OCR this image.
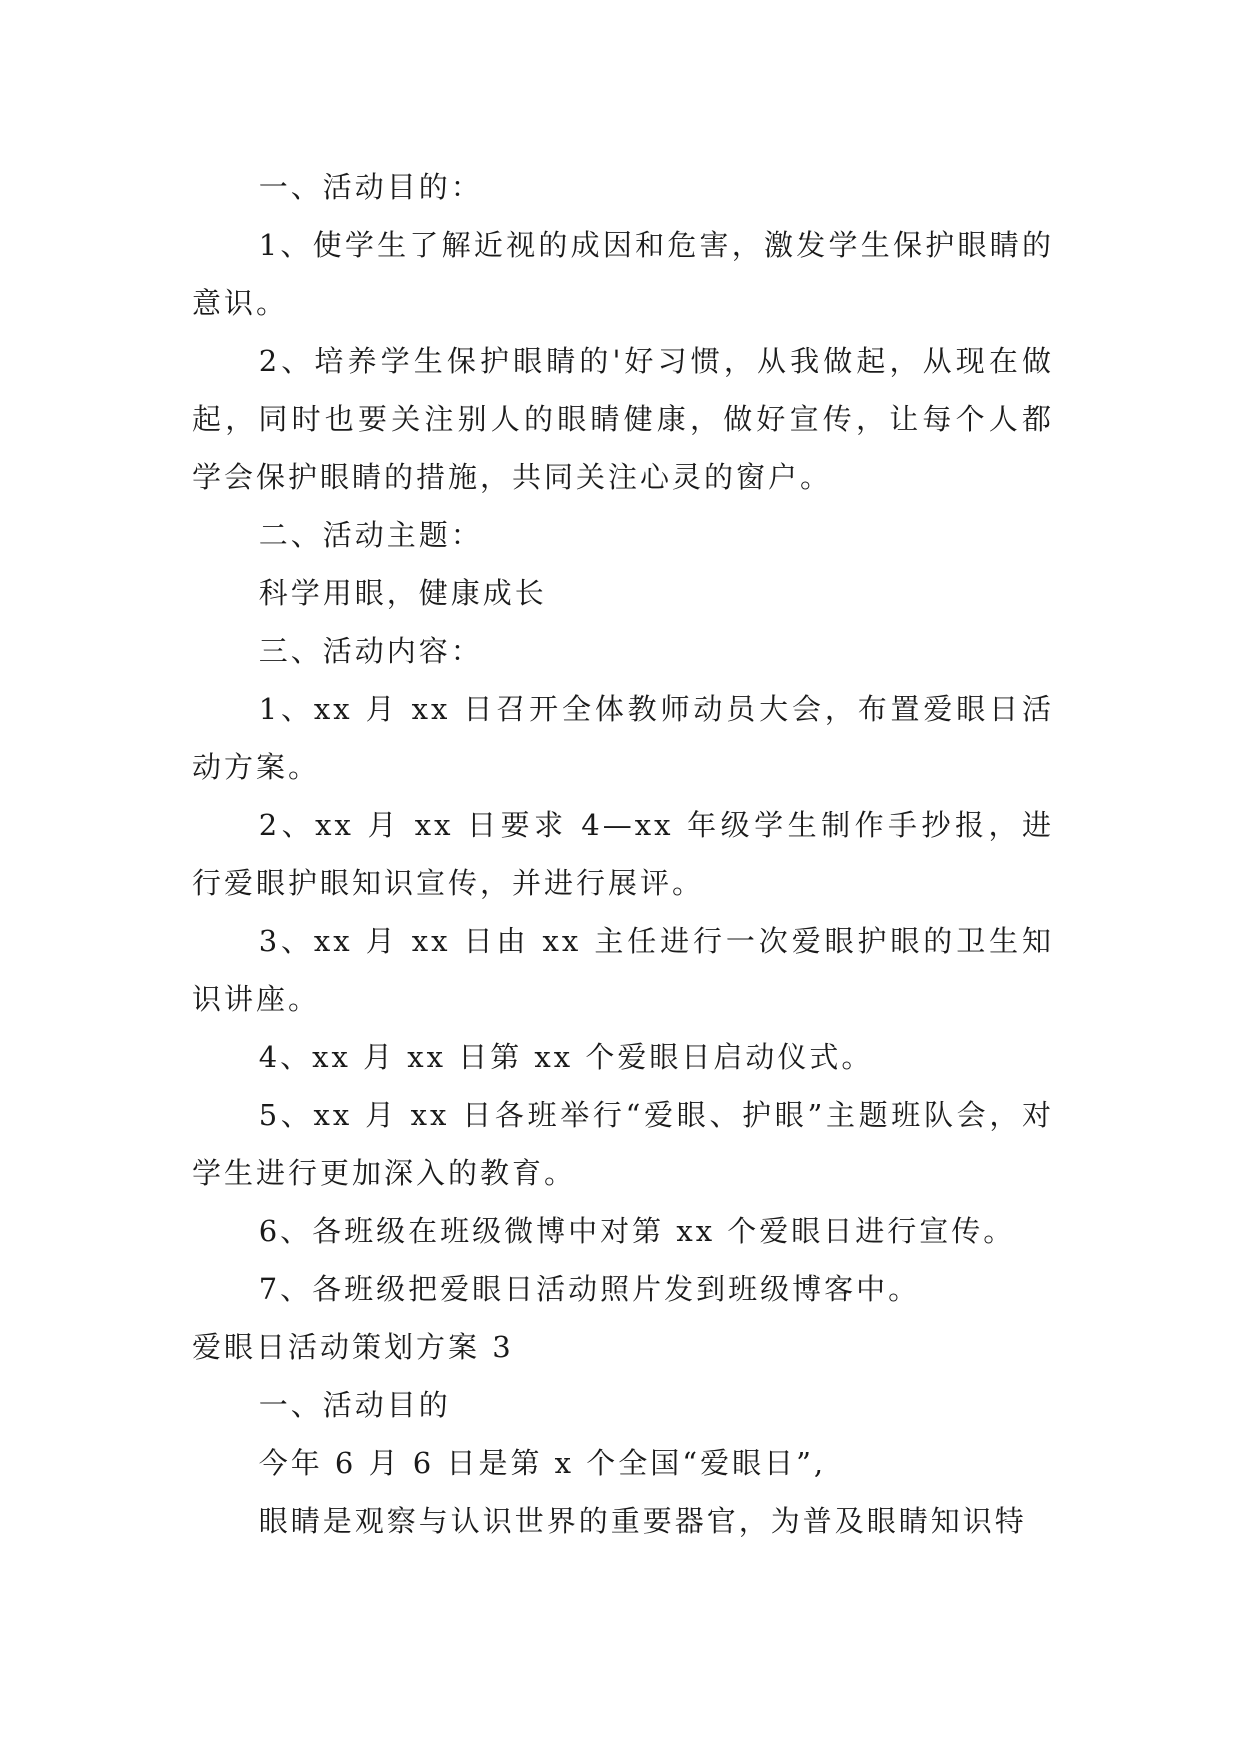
一、活动目的：

1、使学生了解近视的成因和危害，激发学生保护眼睛的意识。

2、培养学生保护眼睛的'好习惯，从我做起，从现在做起，同时也要关注别人的眼睛健康，做好宣传，让每个人都学会保护眼睛的措施，共同关注心灵的窗户。

二、活动主题：

科学用眼，健康成长

三、活动内容：

1、xx 月 xx 日召开全体教师动员大会，布置爱眼日活动方案。

2、xx 月 xx 日要求 4—xx 年级学生制作手抄报，进行爱眼护眼知识宣传，并进行展评。

3、xx 月 xx 日由 xx 主任进行一次爱眼护眼的卫生知识讲座。

4、xx 月 xx 日第 xx 个爱眼日启动仪式。

5、xx 月 xx 日各班举行“爱眼、护眼”主题班队会，对学生进行更加深入的教育。

6、各班级在班级微博中对第 xx 个爱眼日进行宣传。

7、各班级把爱眼日活动照片发到班级博客中。

爱眼日活动策划方案 3

一、活动目的

今年 6 月 6 日是第 x 个全国“爱眼日”,

眼睛是观察与认识世界的重要器官，为普及眼睛知识特
